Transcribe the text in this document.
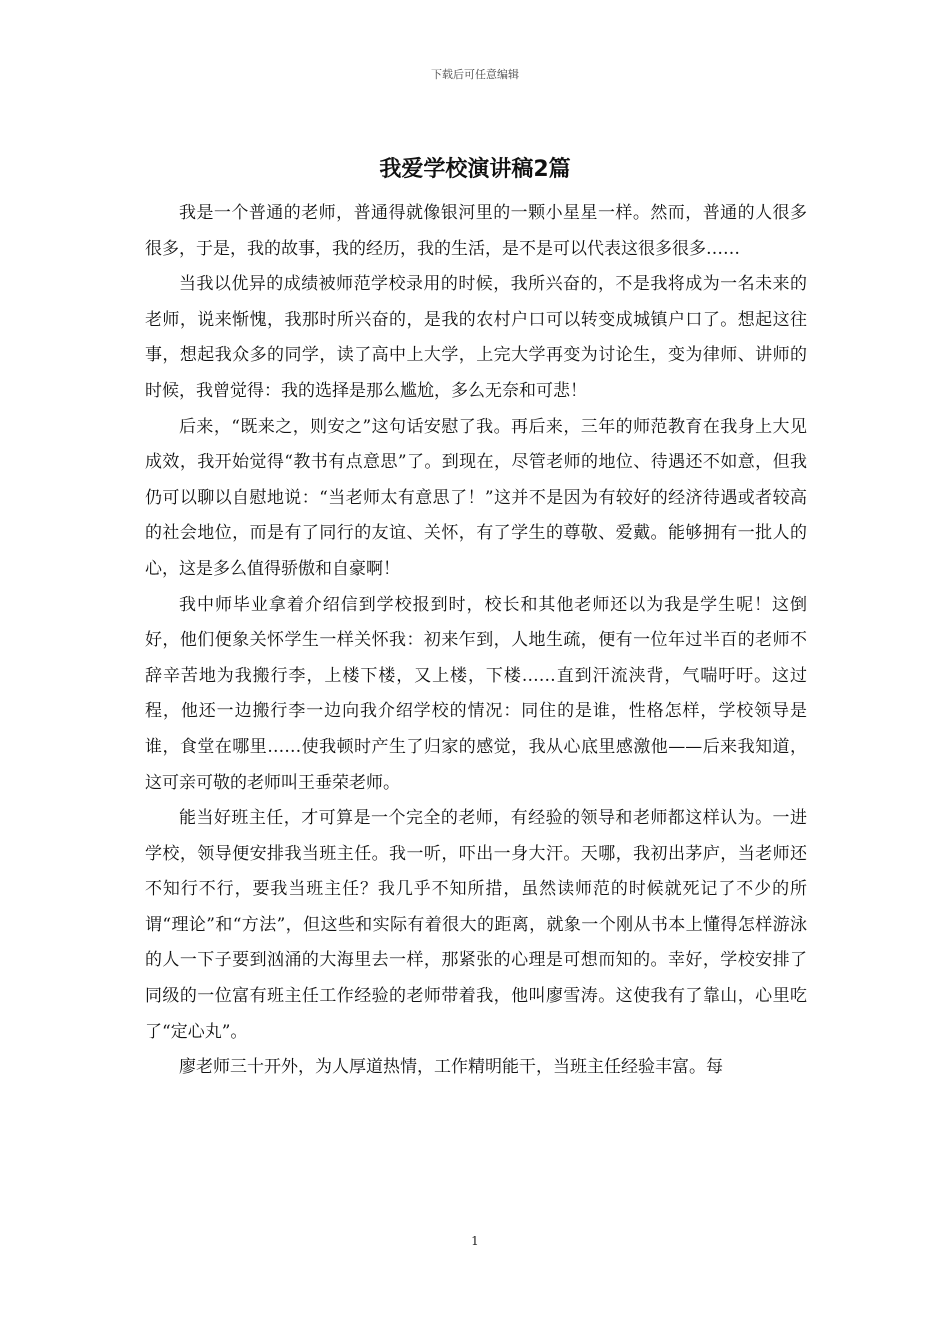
下载后可任意编辑
我爱学校演讲稿2篇

我是一个普通的老师，普通得就像银河里的一颗小星星一样。然而，普通的人很多很多，于是，我的故事，我的经历，我的生活，是不是可以代表这很多很多……

当我以优异的成绩被师范学校录用的时候，我所兴奋的，不是我将成为一名未来的老师，说来惭愧，我那时所兴奋的，是我的农村户口可以转变成城镇户口了。想起这往事，想起我众多的同学，读了高中上大学，上完大学再变为讨论生，变为律师、讲师的时候，我曾觉得：我的选择是那么尴尬，多么无奈和可悲！

后来，“既来之，则安之”这句话安慰了我。再后来，三年的师范教育在我身上大见成效，我开始觉得“教书有点意思”了。到现在，尽管老师的地位、待遇还不如意，但我仍可以聊以自慰地说：“当老师太有意思了！”这并不是因为有较好的经济待遇或者较高的社会地位，而是有了同行的友谊、关怀，有了学生的尊敬、爱戴。能够拥有一批人的心，这是多么值得骄傲和自豪啊！

我中师毕业拿着介绍信到学校报到时，校长和其他老师还以为我是学生呢！这倒好，他们便象关怀学生一样关怀我：初来乍到，人地生疏，便有一位年过半百的老师不辞辛苦地为我搬行李，上楼下楼，又上楼，下楼……直到汗流浃背，气喘吁吁。这过程，他还一边搬行李一边向我介绍学校的情况：同住的是谁，性格怎样，学校领导是谁，食堂在哪里……使我顿时产生了归家的感觉，我从心底里感激他——后来我知道，这可亲可敬的老师叫王垂荣老师。

能当好班主任，才可算是一个完全的老师，有经验的领导和老师都这样认为。一进学校，领导便安排我当班主任。我一听，吓出一身大汗。天哪，我初出茅庐，当老师还不知行不行，要我当班主任？我几乎不知所措，虽然读师范的时候就死记了不少的所谓“理论”和“方法”，但这些和实际有着很大的距离，就象一个刚从书本上懂得怎样游泳的人一下子要到汹涌的大海里去一样，那紧张的心理是可想而知的。幸好，学校安排了同级的一位富有班主任工作经验的老师带着我，他叫廖雪涛。这使我有了靠山，心里吃了“定心丸”。

廖老师三十开外，为人厚道热情，工作精明能干，当班主任经验丰富。每

1
